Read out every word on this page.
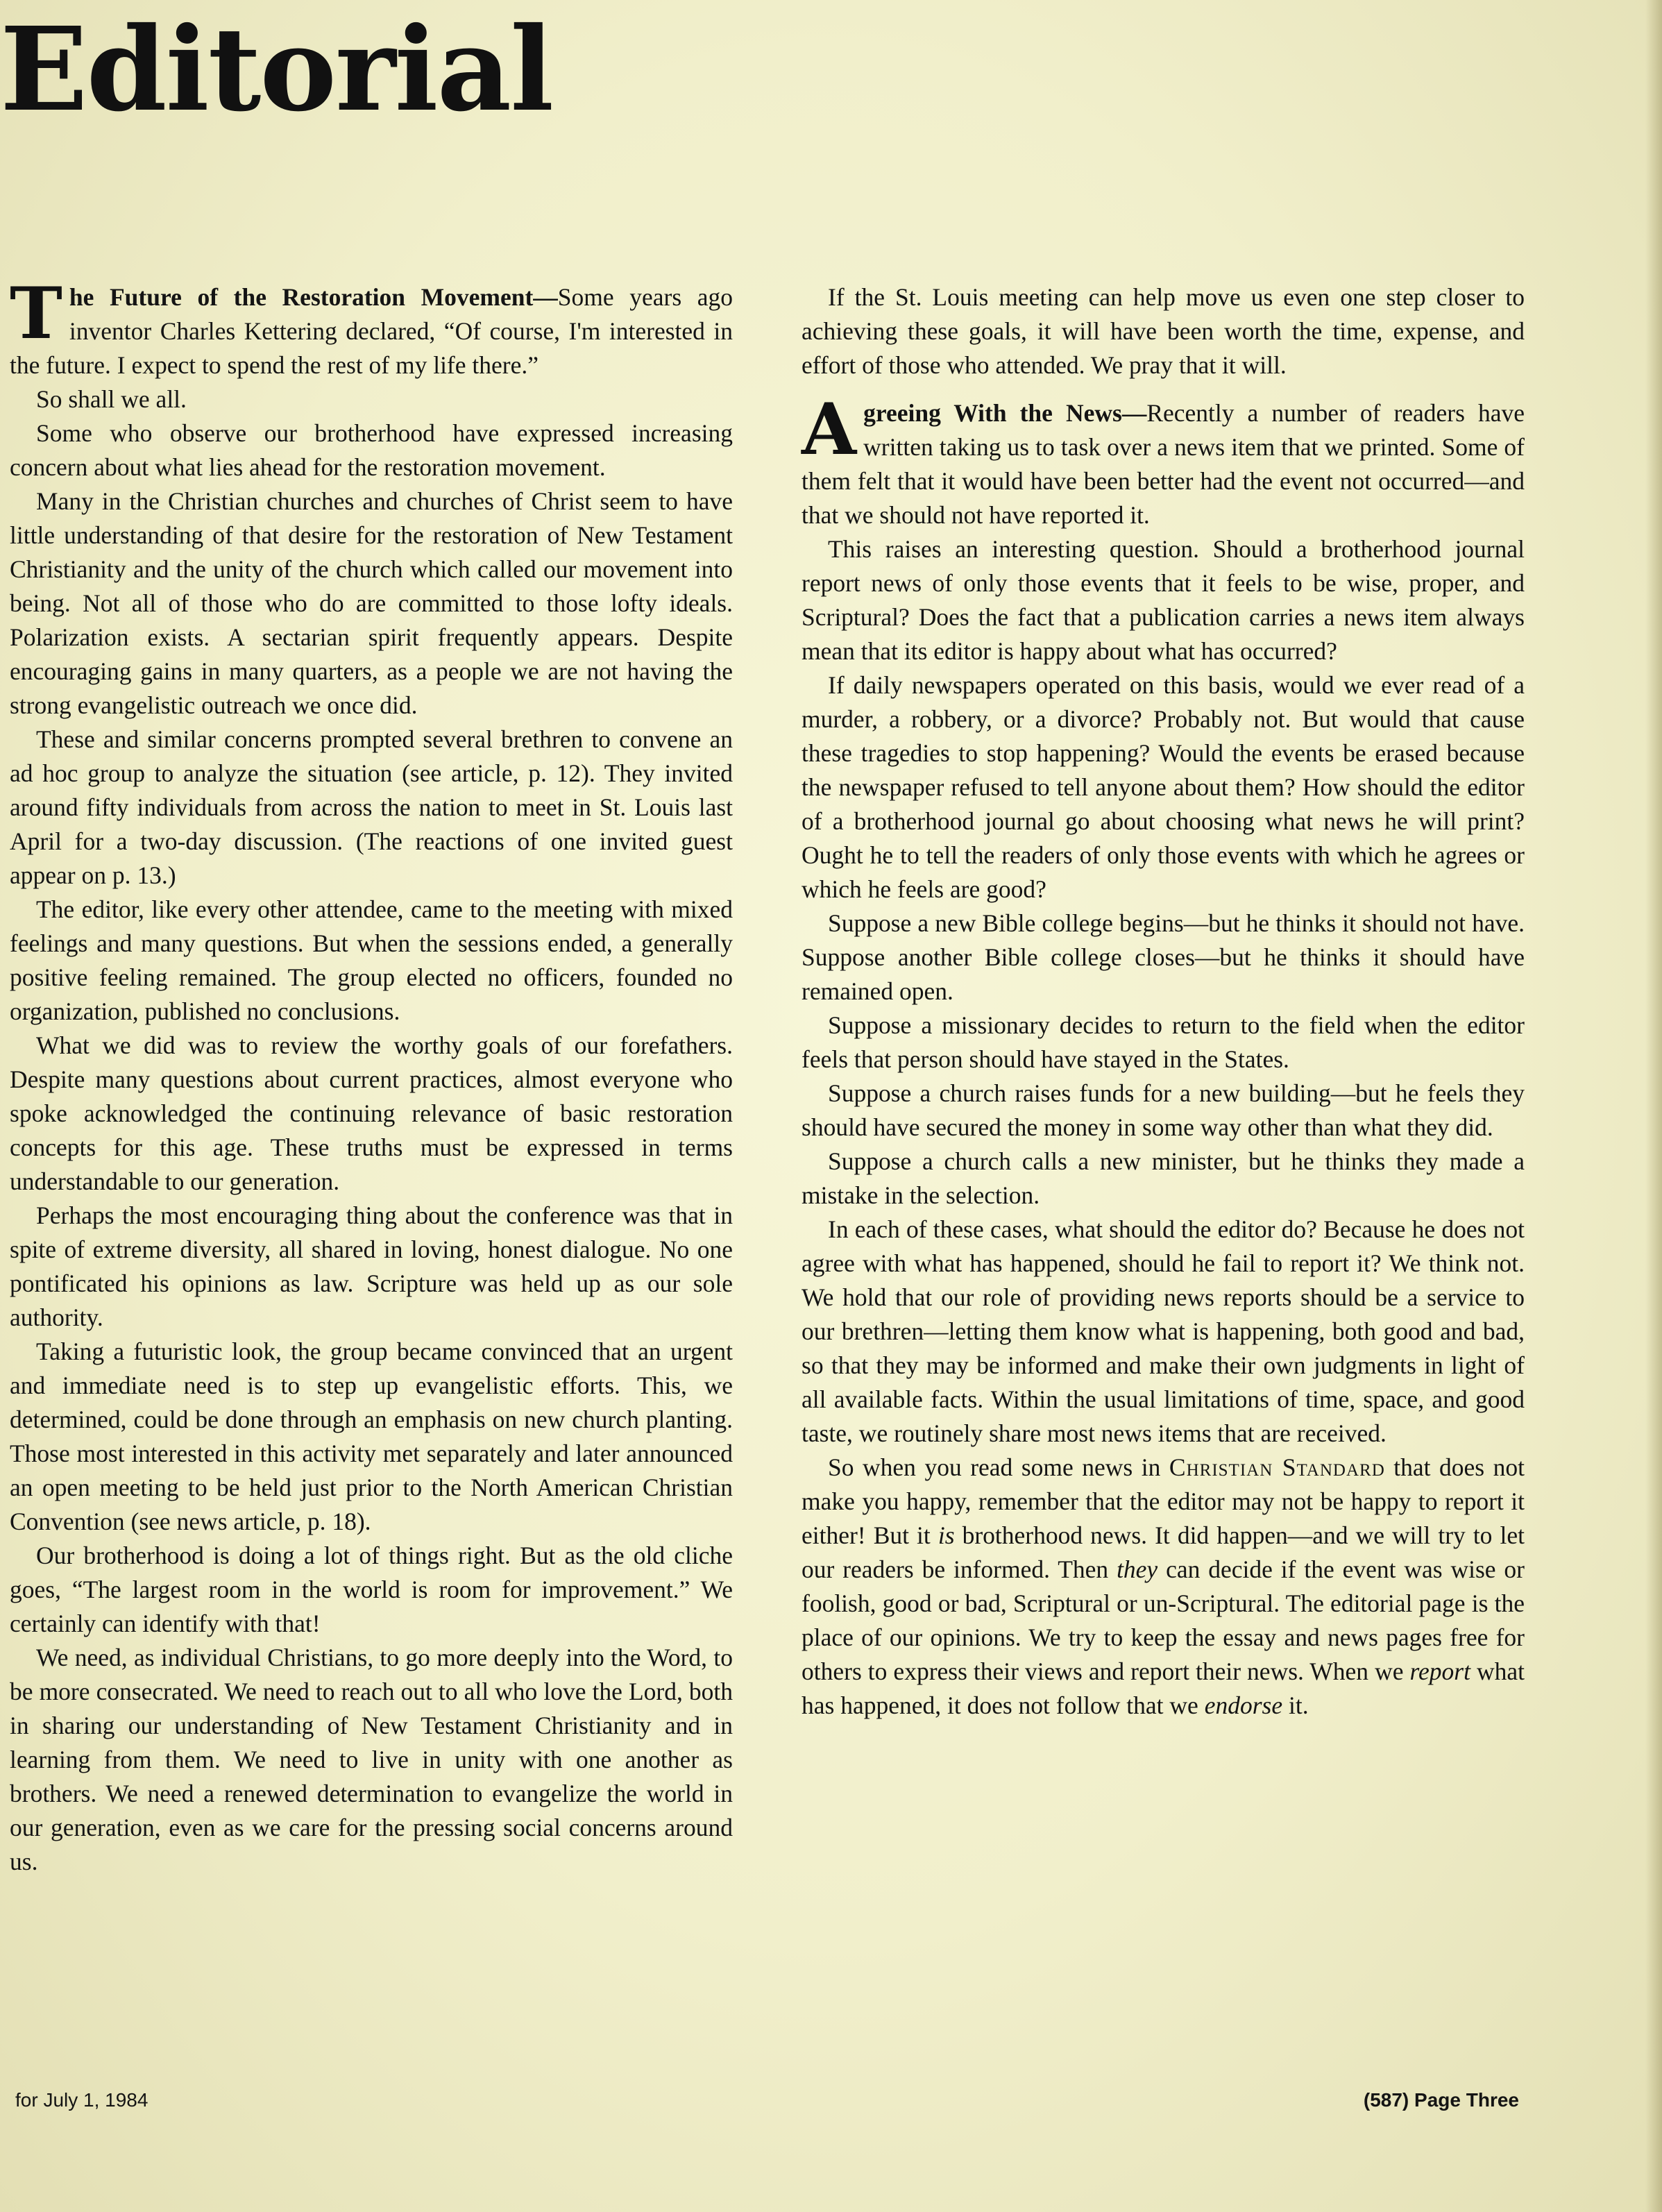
Editorial

The Future of the Restoration Movement—Some years ago inventor Charles Kettering declared, “Of course, I'm interested in the future. I expect to spend the rest of my life there.”

So shall we all.

Some who observe our brotherhood have expressed increasing concern about what lies ahead for the restoration movement.

Many in the Christian churches and churches of Christ seem to have little understanding of that desire for the restoration of New Testament Christianity and the unity of the church which called our movement into being. Not all of those who do are committed to those lofty ideals. Polarization exists. A sectarian spirit frequently appears. Despite encouraging gains in many quarters, as a people we are not having the strong evangelistic outreach we once did.

These and similar concerns prompted several brethren to convene an ad hoc group to analyze the situation (see article, p. 12). They invited around fifty individuals from across the nation to meet in St. Louis last April for a two-day discussion. (The reactions of one invited guest appear on p. 13.)

The editor, like every other attendee, came to the meeting with mixed feelings and many questions. But when the sessions ended, a generally positive feeling remained. The group elected no officers, founded no organization, published no conclusions.

What we did was to review the worthy goals of our forefathers. Despite many questions about current practices, almost everyone who spoke acknowledged the continuing relevance of basic restoration concepts for this age. These truths must be expressed in terms understandable to our generation.

Perhaps the most encouraging thing about the conference was that in spite of extreme diversity, all shared in loving, honest dialogue. No one pontificated his opinions as law. Scripture was held up as our sole authority.

Taking a futuristic look, the group became convinced that an urgent and immediate need is to step up evangelistic efforts. This, we determined, could be done through an emphasis on new church planting. Those most interested in this activity met separately and later announced an open meeting to be held just prior to the North American Christian Convention (see news article, p. 18).

Our brotherhood is doing a lot of things right. But as the old cliche goes, “The largest room in the world is room for improvement.” We certainly can identify with that!

We need, as individual Christians, to go more deeply into the Word, to be more consecrated. We need to reach out to all who love the Lord, both in sharing our understanding of New Testament Christianity and in learning from them. We need to live in unity with one another as brothers. We need a renewed determination to evangelize the world in our generation, even as we care for the pressing social concerns around us.

If the St. Louis meeting can help move us even one step closer to achieving these goals, it will have been worth the time, expense, and effort of those who attended. We pray that it will.

Agreeing With the News—Recently a number of readers have written taking us to task over a news item that we printed. Some of them felt that it would have been better had the event not occurred—and that we should not have reported it.

This raises an interesting question. Should a brotherhood journal report news of only those events that it feels to be wise, proper, and Scriptural? Does the fact that a publication carries a news item always mean that its editor is happy about what has occurred?

If daily newspapers operated on this basis, would we ever read of a murder, a robbery, or a divorce? Probably not. But would that cause these tragedies to stop happening? Would the events be erased because the newspaper refused to tell anyone about them? How should the editor of a brotherhood journal go about choosing what news he will print? Ought he to tell the readers of only those events with which he agrees or which he feels are good?

Suppose a new Bible college begins—but he thinks it should not have. Suppose another Bible college closes—but he thinks it should have remained open.

Suppose a missionary decides to return to the field when the editor feels that person should have stayed in the States.

Suppose a church raises funds for a new building—but he feels they should have secured the money in some way other than what they did.

Suppose a church calls a new minister, but he thinks they made a mistake in the selection.

In each of these cases, what should the editor do? Because he does not agree with what has happened, should he fail to report it? We think not. We hold that our role of providing news reports should be a service to our brethren—letting them know what is happening, both good and bad, so that they may be informed and make their own judgments in light of all available facts. Within the usual limitations of time, space, and good taste, we routinely share most news items that are received.

So when you read some news in Christian Standard that does not make you happy, remember that the editor may not be happy to report it either! But it is brotherhood news. It did happen—and we will try to let our readers be informed. Then they can decide if the event was wise or foolish, good or bad, Scriptural or un-Scriptural. The editorial page is the place of our opinions. We try to keep the essay and news pages free for others to express their views and report their news. When we report what has happened, it does not follow that we endorse it.

for July 1, 1984	(587) Page Three
